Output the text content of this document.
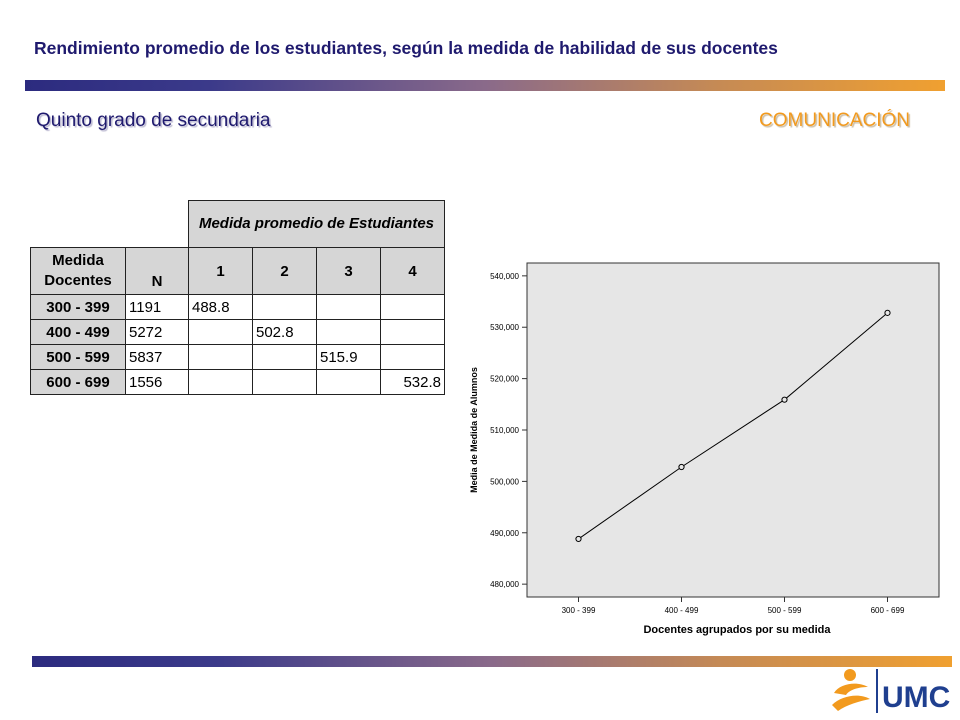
Rendimiento promedio de los estudiantes, según la medida de habilidad de sus docentes
Quinto grado de secundaria	COMUNICACIÓN
		Medida promedio de Estudiantes			
Medida Docentes	N	1	2	3	4
300 - 399	1191	488.8			
400 - 499	5272		502.8		
500 - 599	5837			515.9	
600 - 699	1556				532.8
480,000
490,000
500,000
510,000
520,000
530,000
540,000
300 - 399	400 - 499	500 - 599	600 - 699
Docentes agrupados por su medida
Media de Medida de Alumnos
UMC
